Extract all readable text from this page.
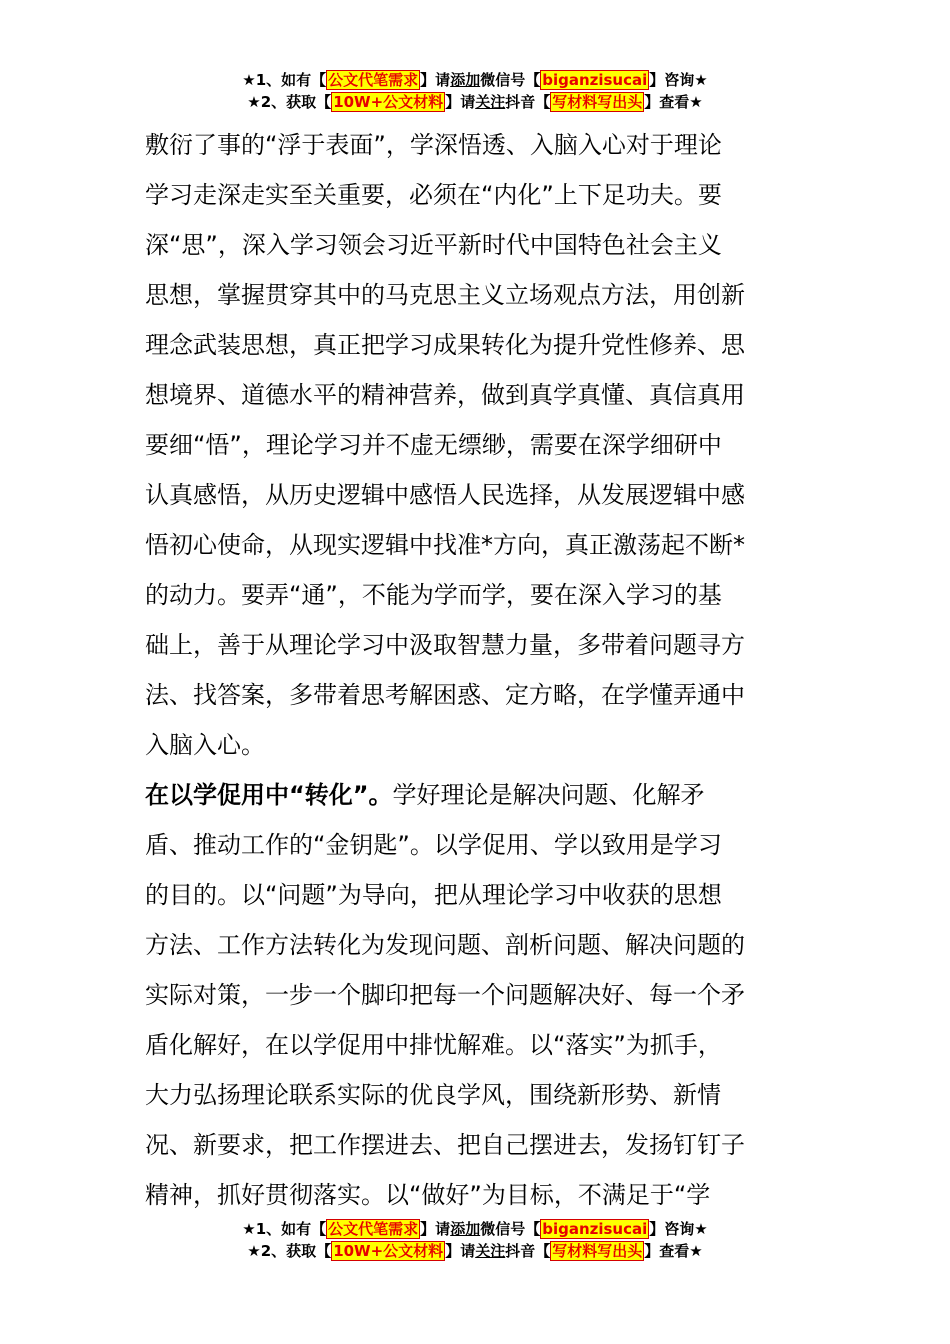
★1、如有【 公文代笔需求 】请添加微信号【 biganzisucai 】咨询★
★2、获取【 10W+公文材料 】请关注抖音【 写材料写出头 】查看★
敷衍了事的“浮于表面”，学深悟透、入脑入心对于理论
学习走深走实至关重要，必须在“内化”上下足功夫。要
深“思”，深入学习领会习近平新时代中国特色社会主义
思想，掌握贯穿其中的马克思主义立场观点方法，用创新
理念武装思想，真正把学习成果转化为提升党性修养、思
想境界、道德水平的精神营养，做到真学真懂、真信真用
要细“悟”，理论学习并不虚无缥缈，需要在深学细研中
认真感悟，从历史逻辑中感悟人民选择，从发展逻辑中感
悟初心使命，从现实逻辑中找准*方向，真正激荡起不断*
的动力。要弄“通”，不能为学而学，要在深入学习的基
础上，善于从理论学习中汲取智慧力量，多带着问题寻方
法、找答案，多带着思考解困惑、定方略，在学懂弄通中
入脑入心。
在以学促用中“转化”。学好理论是解决问题、化解矛
盾、推动工作的“金钥匙”。以学促用、学以致用是学习
的目的。以“问题”为导向，把从理论学习中收获的思想
方法、工作方法转化为发现问题、剖析问题、解决问题的
实际对策，一步一个脚印把每一个问题解决好、每一个矛
盾化解好，在以学促用中排忧解难。以“落实”为抓手，
大力弘扬理论联系实际的优良学风，围绕新形势、新情
况、新要求，把工作摆进去、把自己摆进去，发扬钉钉子
精神，抓好贯彻落实。以“做好”为目标，不满足于“学
★1、如有【 公文代笔需求 】请添加微信号【 biganzisucai 】咨询★
★2、获取【 10W+公文材料 】请关注抖音【 写材料写出头 】查看★
